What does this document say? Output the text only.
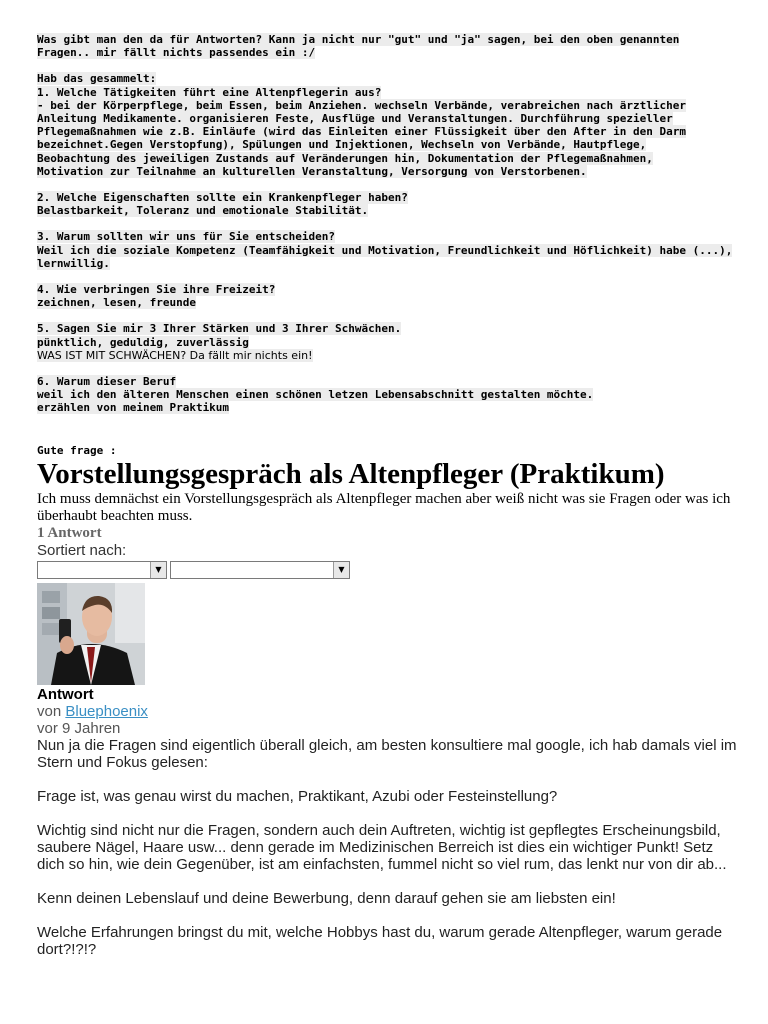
Was gibt man den da für Antworten? Kann ja nicht nur "gut" und "ja" sagen, bei den oben genannten
Fragen.. mir fällt nichts passendes ein :/
Hab das gesammelt:
1. Welche Tätigkeiten führt eine Altenpflegerin aus?
- bei der Körperpflege, beim Essen, beim Anziehen. wechseln Verbände, verabreichen nach ärztlicher
Anleitung Medikamente. organisieren Feste, Ausflüge und Veranstaltungen. Durchführung spezieller
Pflegemaßnahmen wie z.B. Einläufe (wird das Einleiten einer Flüssigkeit über den After in den Darm
bezeichnet.Gegen Verstopfung), Spülungen und Injektionen, Wechseln von Verbände, Hautpflege,
Beobachtung des jeweiligen Zustands auf Veränderungen hin, Dokumentation der Pflegemaßnahmen,
Motivation zur Teilnahme an kulturellen Veranstaltung, Versorgung von Verstorbenen.
2. Welche Eigenschaften sollte ein Krankenpfleger haben?
Belastbarkeit, Toleranz und emotionale Stabilität.
3. Warum sollten wir uns für Sie entscheiden?
Weil ich die soziale Kompetenz (Teamfähigkeit und Motivation, Freundlichkeit und Höflichkeit) habe (...),
lernwillig.
4. Wie verbringen Sie ihre Freizeit?
zeichnen, lesen, freunde
5. Sagen Sie mir 3 Ihrer Stärken und 3 Ihrer Schwächen.
pünktlich, geduldig, zuverlässig
WAS IST MIT SCHWÄCHEN? Da fällt mir nichts ein!
6. Warum dieser Beruf
weil ich den älteren Menschen einen schönen letzen Lebensabschnitt gestalten möchte.
erzählen von meinem Praktikum
Gute frage :
Vorstellungsgespräch als Altenpfleger (Praktikum)
Ich muss demnächst ein Vorstellungsgespräch als Altenpfleger machen aber weiß nicht was sie Fragen oder was ich überhaubt beachten muss.
1 Antwort
Sortiert nach:
▼	▼
Antwort
von Bluephoenix
vor 9 Jahren

Nun ja die Fragen sind eigentlich überall gleich, am besten konsultiere mal google, ich hab damals viel im Stern und Fokus gelesen:

Frage ist, was genau wirst du machen, Praktikant, Azubi oder Festeinstellung?

Wichtig sind nicht nur die Fragen, sondern auch dein Auftreten, wichtig ist gepflegtes Erscheinungsbild, saubere Nägel, Haare usw... denn gerade im Medizinischen Berreich ist dies ein wichtiger Punkt! Setz dich so hin, wie dein Gegenüber, ist am einfachsten, fummel nicht so viel rum, das lenkt nur von dir ab...

Kenn deinen Lebenslauf und deine Bewerbung, denn darauf gehen sie am liebsten ein!

Welche Erfahrungen bringst du mit, welche Hobbys hast du, warum gerade Altenpfleger, warum gerade dort?!?!?
